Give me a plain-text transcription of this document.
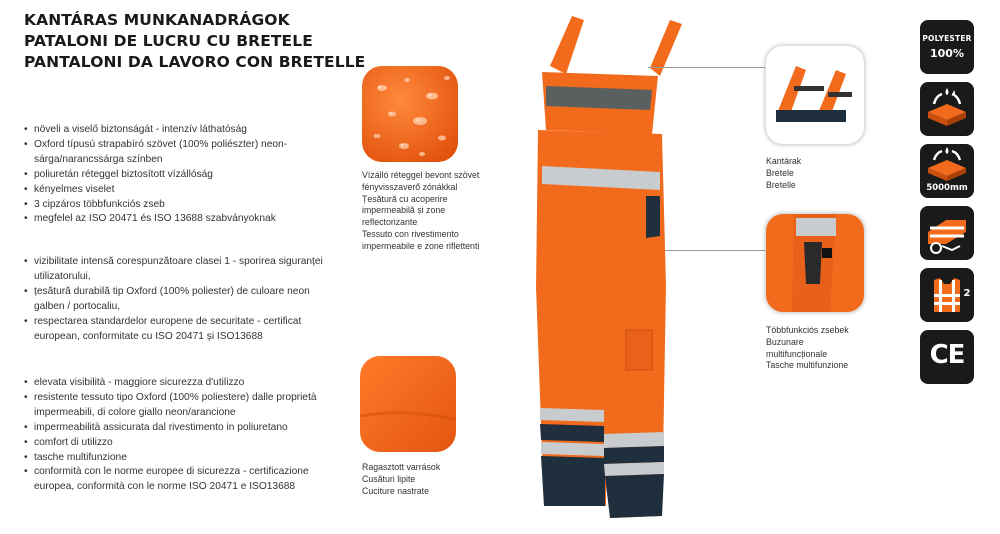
KANTÁRAS MUNKANADRÁGOK
PATALONI DE LUCRU CU BRETELE
PANTALONI DA LAVORO CON BRETELLE
• növeli a viselő biztonságát - intenzív láthatóság
• Oxford típusú strapabíró szövet (100% poliészter) neon-sárga/narancssárga színben
• poliuretán réteggel biztosított vízállóság
• kényelmes viselet
• 3 cipzáros többfunkciós zseb
• megfelel az ISO 20471 és ISO 13688 szabványoknak
• vizibilitate intensă corespunzătoare clasei 1 - sporirea siguranței utilizatorului,
• țesătură durabilă tip Oxford (100% poliester) de culoare neon galben / portocaliu,
• respectarea standardelor europene de securitate - certificat european, conformitate cu ISO 20471 și ISO13688
• elevata visibilità - maggiore sicurezza d'utilizzo
• resistente tessuto tipo Oxford (100% poliestere) dalle proprietà impermeabili, di colore giallo neon/arancione
• impermeabilità assicurata dal rivestimento in poliuretano
• comfort di utilizzo
• tasche multifunzione
• conformità con le norme europee di sicurezza - certificazione europea, conformità con le norme ISO 20471 e ISO13688
Vízálló réteggel bevont szövet
fényvisszaverő zónákkal
Țesătură cu acoperire
impermeabilă și zone
reflectorizante
Tessuto con rivestimento
impermeabile e zone riflettenti
Ragasztott varrások
Cusături lipite
Cuciture nastrate
Kantárak
Bretele
Bretelle
Többfunkciós zsebek
Buzunare
multifuncționale
Tasche multifunzione
POLYESTER
100%
5000mm
2
CE
